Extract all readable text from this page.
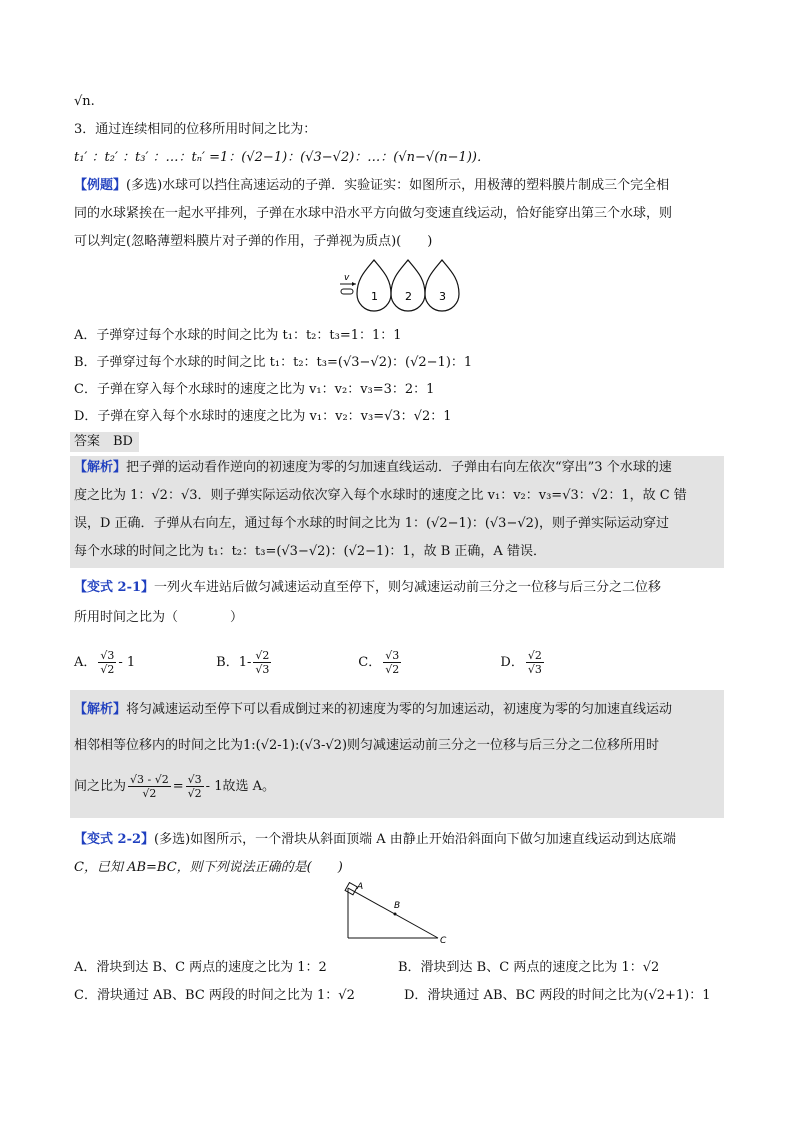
√n.
3．通过连续相同的位移所用时间之比为：
t₁′ ：t₂′ ：t₃′ ：…：tₙ′ =1：(√2−1)：(√3−√2)：…：(√n−√(n−1))．
【例题】(多选)水球可以挡住高速运动的子弹．实验证实：如图所示，用极薄的塑料膜片制成三个完全相
同的水球紧挨在一起水平排列，子弹在水球中沿水平方向做匀变速直线运动，恰好能穿出第三个水球，则
可以判定(忽略薄塑料膜片对子弹的作用，子弹视为质点)(　　)
v
1 2 3
A．子弹穿过每个水球的时间之比为 t₁：t₂：t₃=1：1：1
B．子弹穿过每个水球的时间之比 t₁：t₂：t₃=(√3−√2)：(√2−1)：1
C．子弹在穿入每个水球时的速度之比为 v₁：v₂：v₃=3：2：1
D．子弹在穿入每个水球时的速度之比为 v₁：v₂：v₃=√3：√2：1
答案　BD
【解析】把子弹的运动看作逆向的初速度为零的匀加速直线运动．子弹由右向左依次“穿出”3 个水球的速
度之比为 1：√2：√3．则子弹实际运动依次穿入每个水球时的速度之比 v₁：v₂：v₃=√3：√2：1，故 C 错
误，D 正确．子弹从右向左，通过每个水球的时间之比为 1：(√2−1)：(√3−√2)，则子弹实际运动穿过
每个水球的时间之比为 t₁：t₂：t₃=(√3−√2)：(√2−1)：1，故 B 正确，A 错误．
【变式 2-1】一列火车进站后做匀减速运动直至停下，则匀减速运动前三分之一位移与后三分之二位移
所用时间之比为（　　　　）
A． $\frac{√3}{√2} - 1$	B．$1- \frac{√2}{√3}$	C． $\frac{√3}{√2}$	D． $\frac{√2}{√3}$
【解析】将匀减速运动至停下可以看成倒过来的初速度为零的匀加速运动，初速度为零的匀加速直线运动
相邻相等位移内的时间之比为1:(√2-1):(√3-√2)则匀减速运动前三分之一位移与后三分之二位移所用时
间之比为 $\frac{√3 - √2}{√2} = \frac{√3}{√2} - 1$故选 A。
【变式 2-2】(多选)如图所示，一个滑块从斜面顶端 A 由静止开始沿斜面向下做匀加速直线运动到达底端
C，已知 AB=BC，则下列说法正确的是(　　)
A
B
C
A．滑块到达 B、C 两点的速度之比为 1：2	B．滑块到达 B、C 两点的速度之比为 1：√2
C．滑块通过 AB、BC 两段的时间之比为 1：√2	D．滑块通过 AB、BC 两段的时间之比为(√2+1)：1
